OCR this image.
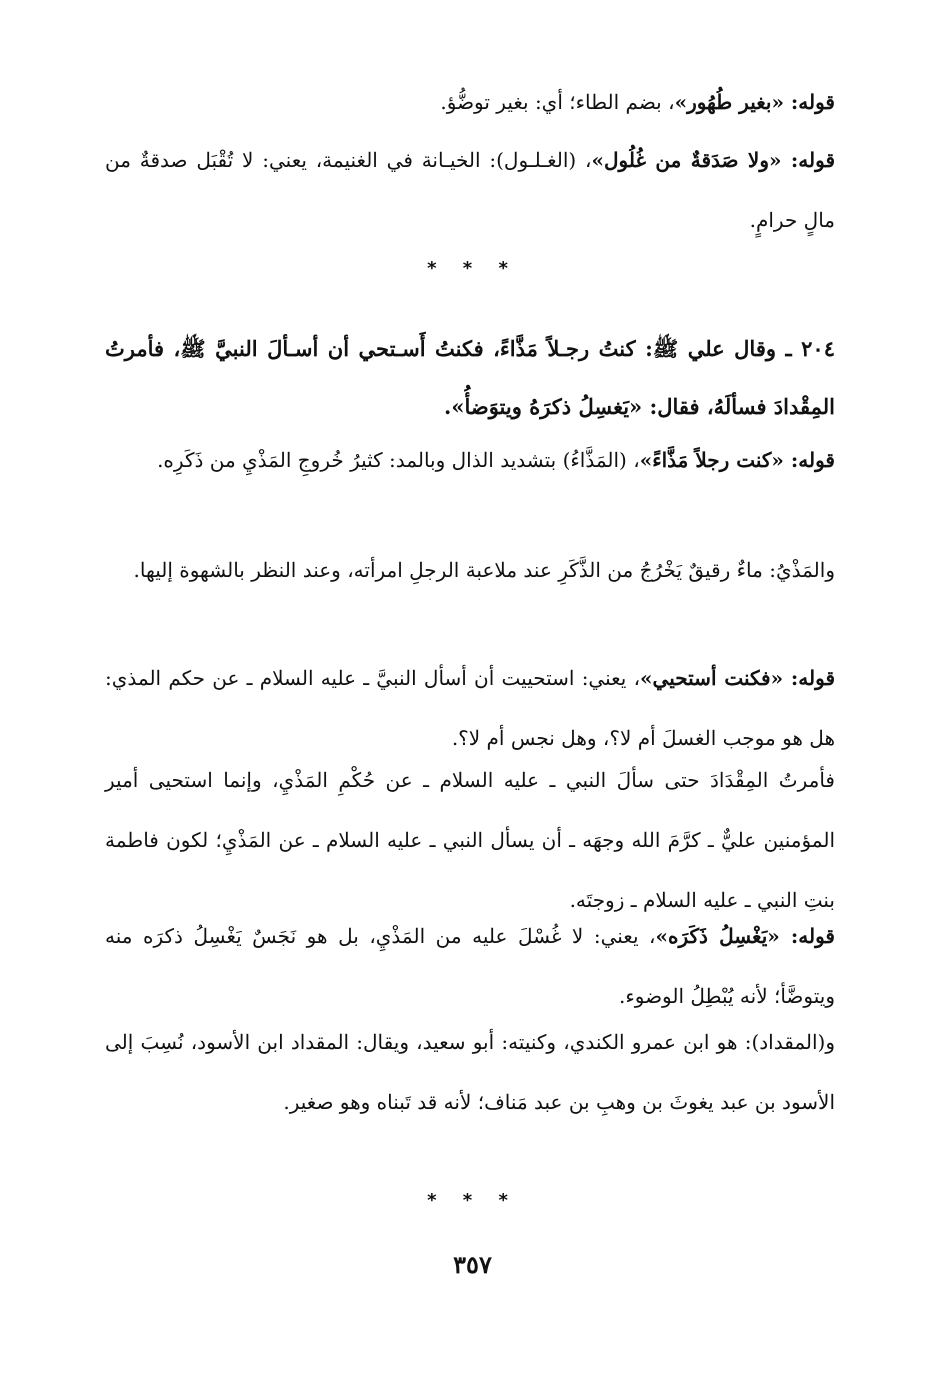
قوله: «بغير طُهُور»، بضم الطاء؛ أي: بغير توضُّؤ.
قوله: «ولا صَدَقةٌ من غُلُول»، (الغـلـول): الخيـانة في الغنيمة، يعني: لا تُقْبَل صدقةٌ من مالٍ حرامٍ.
* * *
٢٠٤ ـ وقال علي ﷺ: كنتُ رجـلاً مَذَّاءً، فكنتُ أَسـتحي أن أسـألَ النبيَّ ﷺ، فأمرتُ المِقْدادَ فسألَهُ، فقال: «يَغسِلُ ذكرَهُ ويتوَضأُ».
قوله: «كنت رجلاً مَذَّاءً»، (المَذَّاءُ) بتشديد الذال وبالمد: كثيرُ خُروجِ المَذْيِ من ذَكَرِه.
والمَذْيُ: ماءٌ رقيقٌ يَخْرُجُ من الذَّكَرِ عند ملاعبة الرجلِ امرأته، وعند النظر بالشهوة إليها.
قوله: «فكنت أستحيي»، يعني: استحييت أن أسأل النبيَّ ـ عليه السلام ـ عن حكم المذي: هل هو موجب الغسلَ أم لا؟، وهل نجس أم لا؟.
فأمرتُ المِقْدَادَ حتى سألَ النبي ـ عليه السلام ـ عن حُكْمِ المَذْيِ، وإنما استحيى أمير المؤمنين عليٌّ ـ كرَّمَ الله وجهَه ـ أن يسأل النبي ـ عليه السلام ـ عن المَذْيِ؛ لكون فاطمة بنتِ النبي ـ عليه السلام ـ زوجتَه.
قوله: «يَغْسِلُ ذَكَرَه»، يعني: لا غُسْلَ عليه من المَذْيِ، بل هو نَجَسٌ يَغْسِلُ ذكرَه منه ويتوضَّأ؛ لأنه يُبْطِلُ الوضوء.
و(المقداد): هو ابن عمرو الكندي، وكنيته: أبو سعيد، ويقال: المقداد ابن الأسود، نُسِبَ إلى الأسود بن عبد يغوثَ بن وهبِ بن عبد مَناف؛ لأنه قد تَبناه وهو صغير.
* * *
٣٥٧
